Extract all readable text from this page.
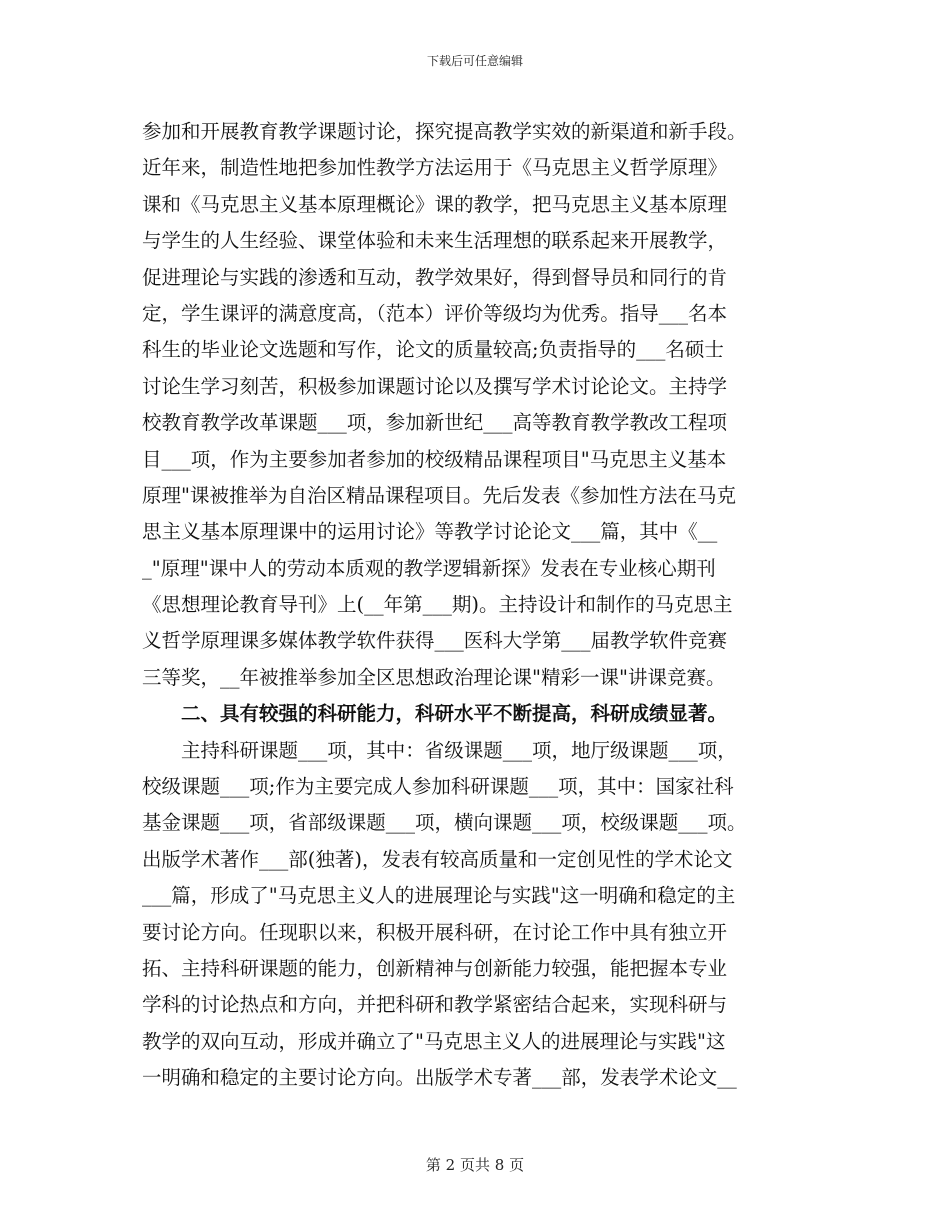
下载后可任意编辑
参加和开展教育教学课题讨论，探究提高教学实效的新渠道和新手段。
近年来，制造性地把参加性教学方法运用于《马克思主义哲学原理》
课和《马克思主义基本原理概论》课的教学，把马克思主义基本原理
与学生的人生经验、课堂体验和未来生活理想的联系起来开展教学，
促进理论与实践的渗透和互动，教学效果好，得到督导员和同行的肯
定，学生课评的满意度高，（范本）评价等级均为优秀。指导___名本
科生的毕业论文选题和写作，论文的质量较高;负责指导的___名硕士
讨论生学习刻苦，积极参加课题讨论以及撰写学术讨论论文。主持学
校教育教学改革课题___项，参加新世纪___高等教育教学教改工程项
目___项，作为主要参加者参加的校级精品课程项目"马克思主义基本
原理"课被推举为自治区精品课程项目。先后发表《参加性方法在马克
思主义基本原理课中的运用讨论》等教学讨论论文___篇，其中《__
_"原理"课中人的劳动本质观的教学逻辑新探》发表在专业核心期刊
《思想理论教育导刊》上(__年第___期)。主持设计和制作的马克思主
义哲学原理课多媒体教学软件获得___医科大学第___届教学软件竞赛
三等奖，__年被推举参加全区思想政治理论课"精彩一课"讲课竞赛。
　　二、具有较强的科研能力，科研水平不断提高，科研成绩显著。
　　主持科研课题___项，其中：省级课题___项，地厅级课题___项，
校级课题___项;作为主要完成人参加科研课题___项，其中：国家社科
基金课题___项，省部级课题___项，横向课题___项，校级课题___项。
出版学术著作___部(独著)，发表有较高质量和一定创见性的学术论文
___篇，形成了"马克思主义人的进展理论与实践"这一明确和稳定的主
要讨论方向。任现职以来，积极开展科研，在讨论工作中具有独立开
拓、主持科研课题的能力，创新精神与创新能力较强，能把握本专业
学科的讨论热点和方向，并把科研和教学紧密结合起来，实现科研与
教学的双向互动，形成并确立了"马克思主义人的进展理论与实践"这
一明确和稳定的主要讨论方向。出版学术专著___部，发表学术论文__
第 2 页共 8 页
